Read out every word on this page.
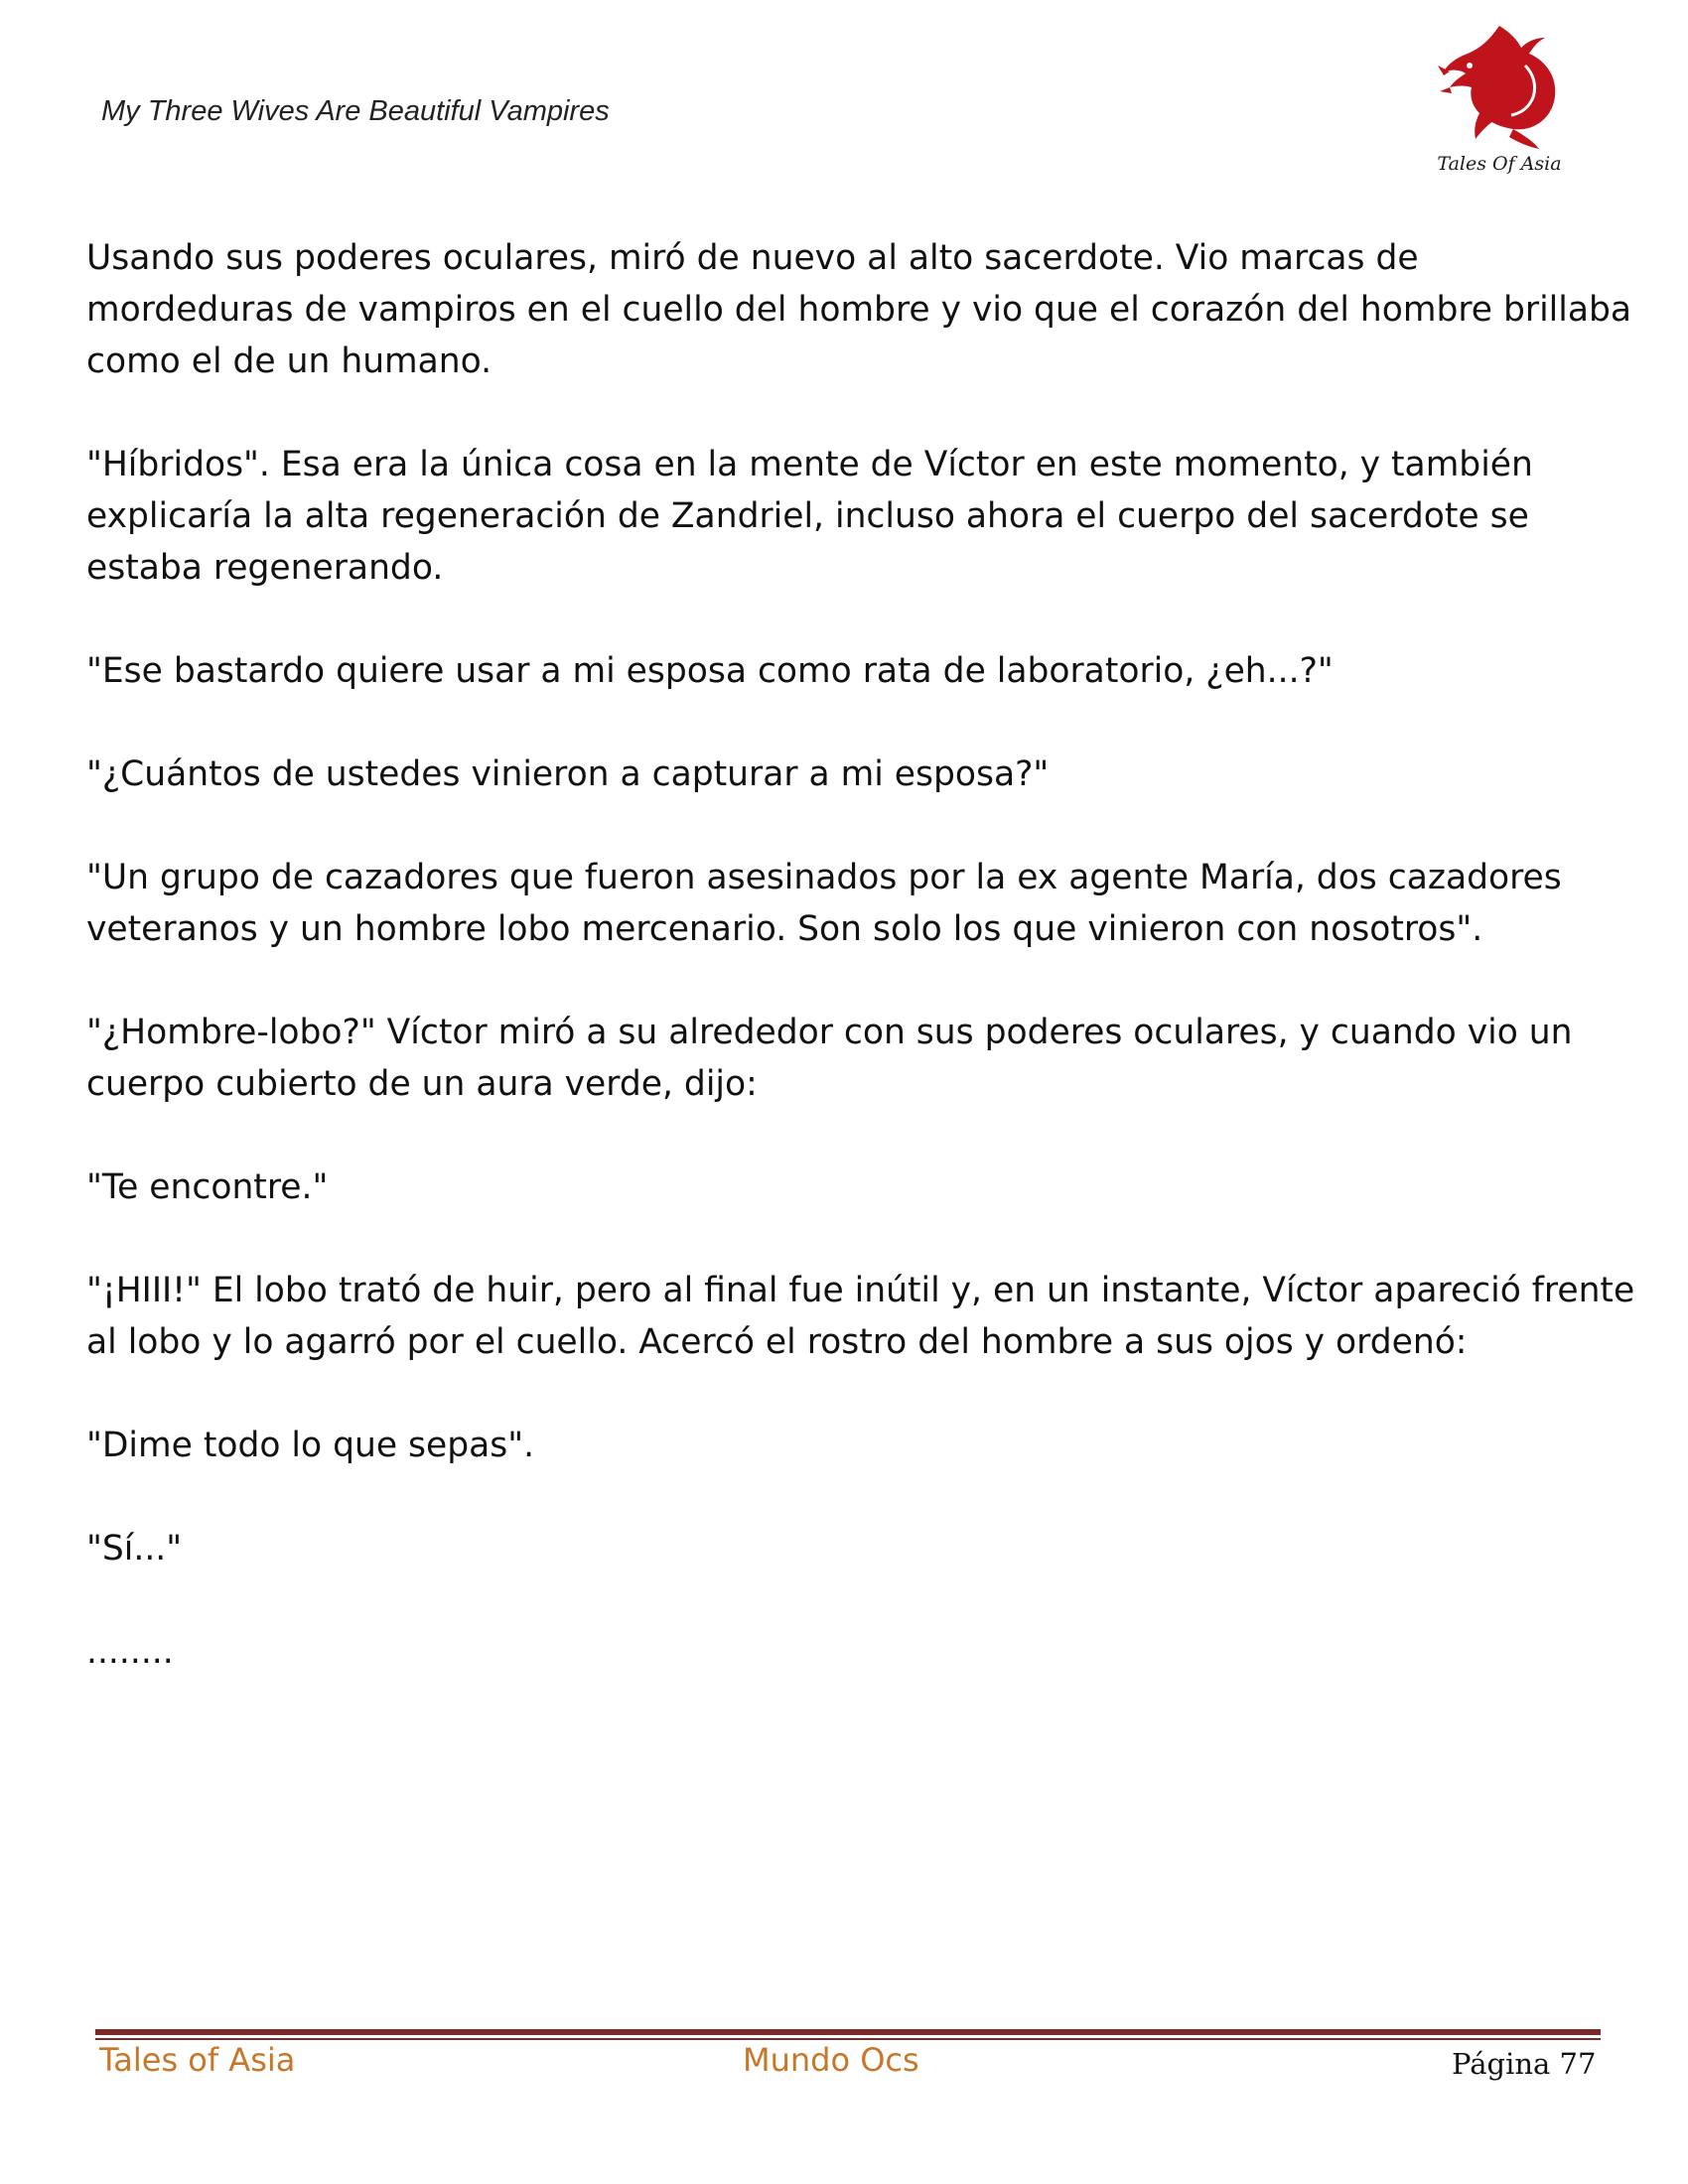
My Three Wives Are Beautiful Vampires
Tales Of Asia

Usando sus poderes oculares, miró de nuevo al alto sacerdote. Vio marcas de mordeduras de vampiros en el cuello del hombre y vio que el corazón del hombre brillaba como el de un humano.

"Híbridos". Esa era la única cosa en la mente de Víctor en este momento, y también explicaría la alta regeneración de Zandriel, incluso ahora el cuerpo del sacerdote se estaba regenerando.

"Ese bastardo quiere usar a mi esposa como rata de laboratorio, ¿eh...?"

"¿Cuántos de ustedes vinieron a capturar a mi esposa?"

"Un grupo de cazadores que fueron asesinados por la ex agente María, dos cazadores veteranos y un hombre lobo mercenario. Son solo los que vinieron con nosotros".

"¿Hombre-lobo?" Víctor miró a su alrededor con sus poderes oculares, y cuando vio un cuerpo cubierto de un aura verde, dijo:

"Te encontre."

"¡HIII!" El lobo trató de huir, pero al final fue inútil y, en un instante, Víctor apareció frente al lobo y lo agarró por el cuello. Acercó el rostro del hombre a sus ojos y ordenó:

"Dime todo lo que sepas".

"Sí..."

........

Tales of Asia	Mundo Ocs	Página 77
